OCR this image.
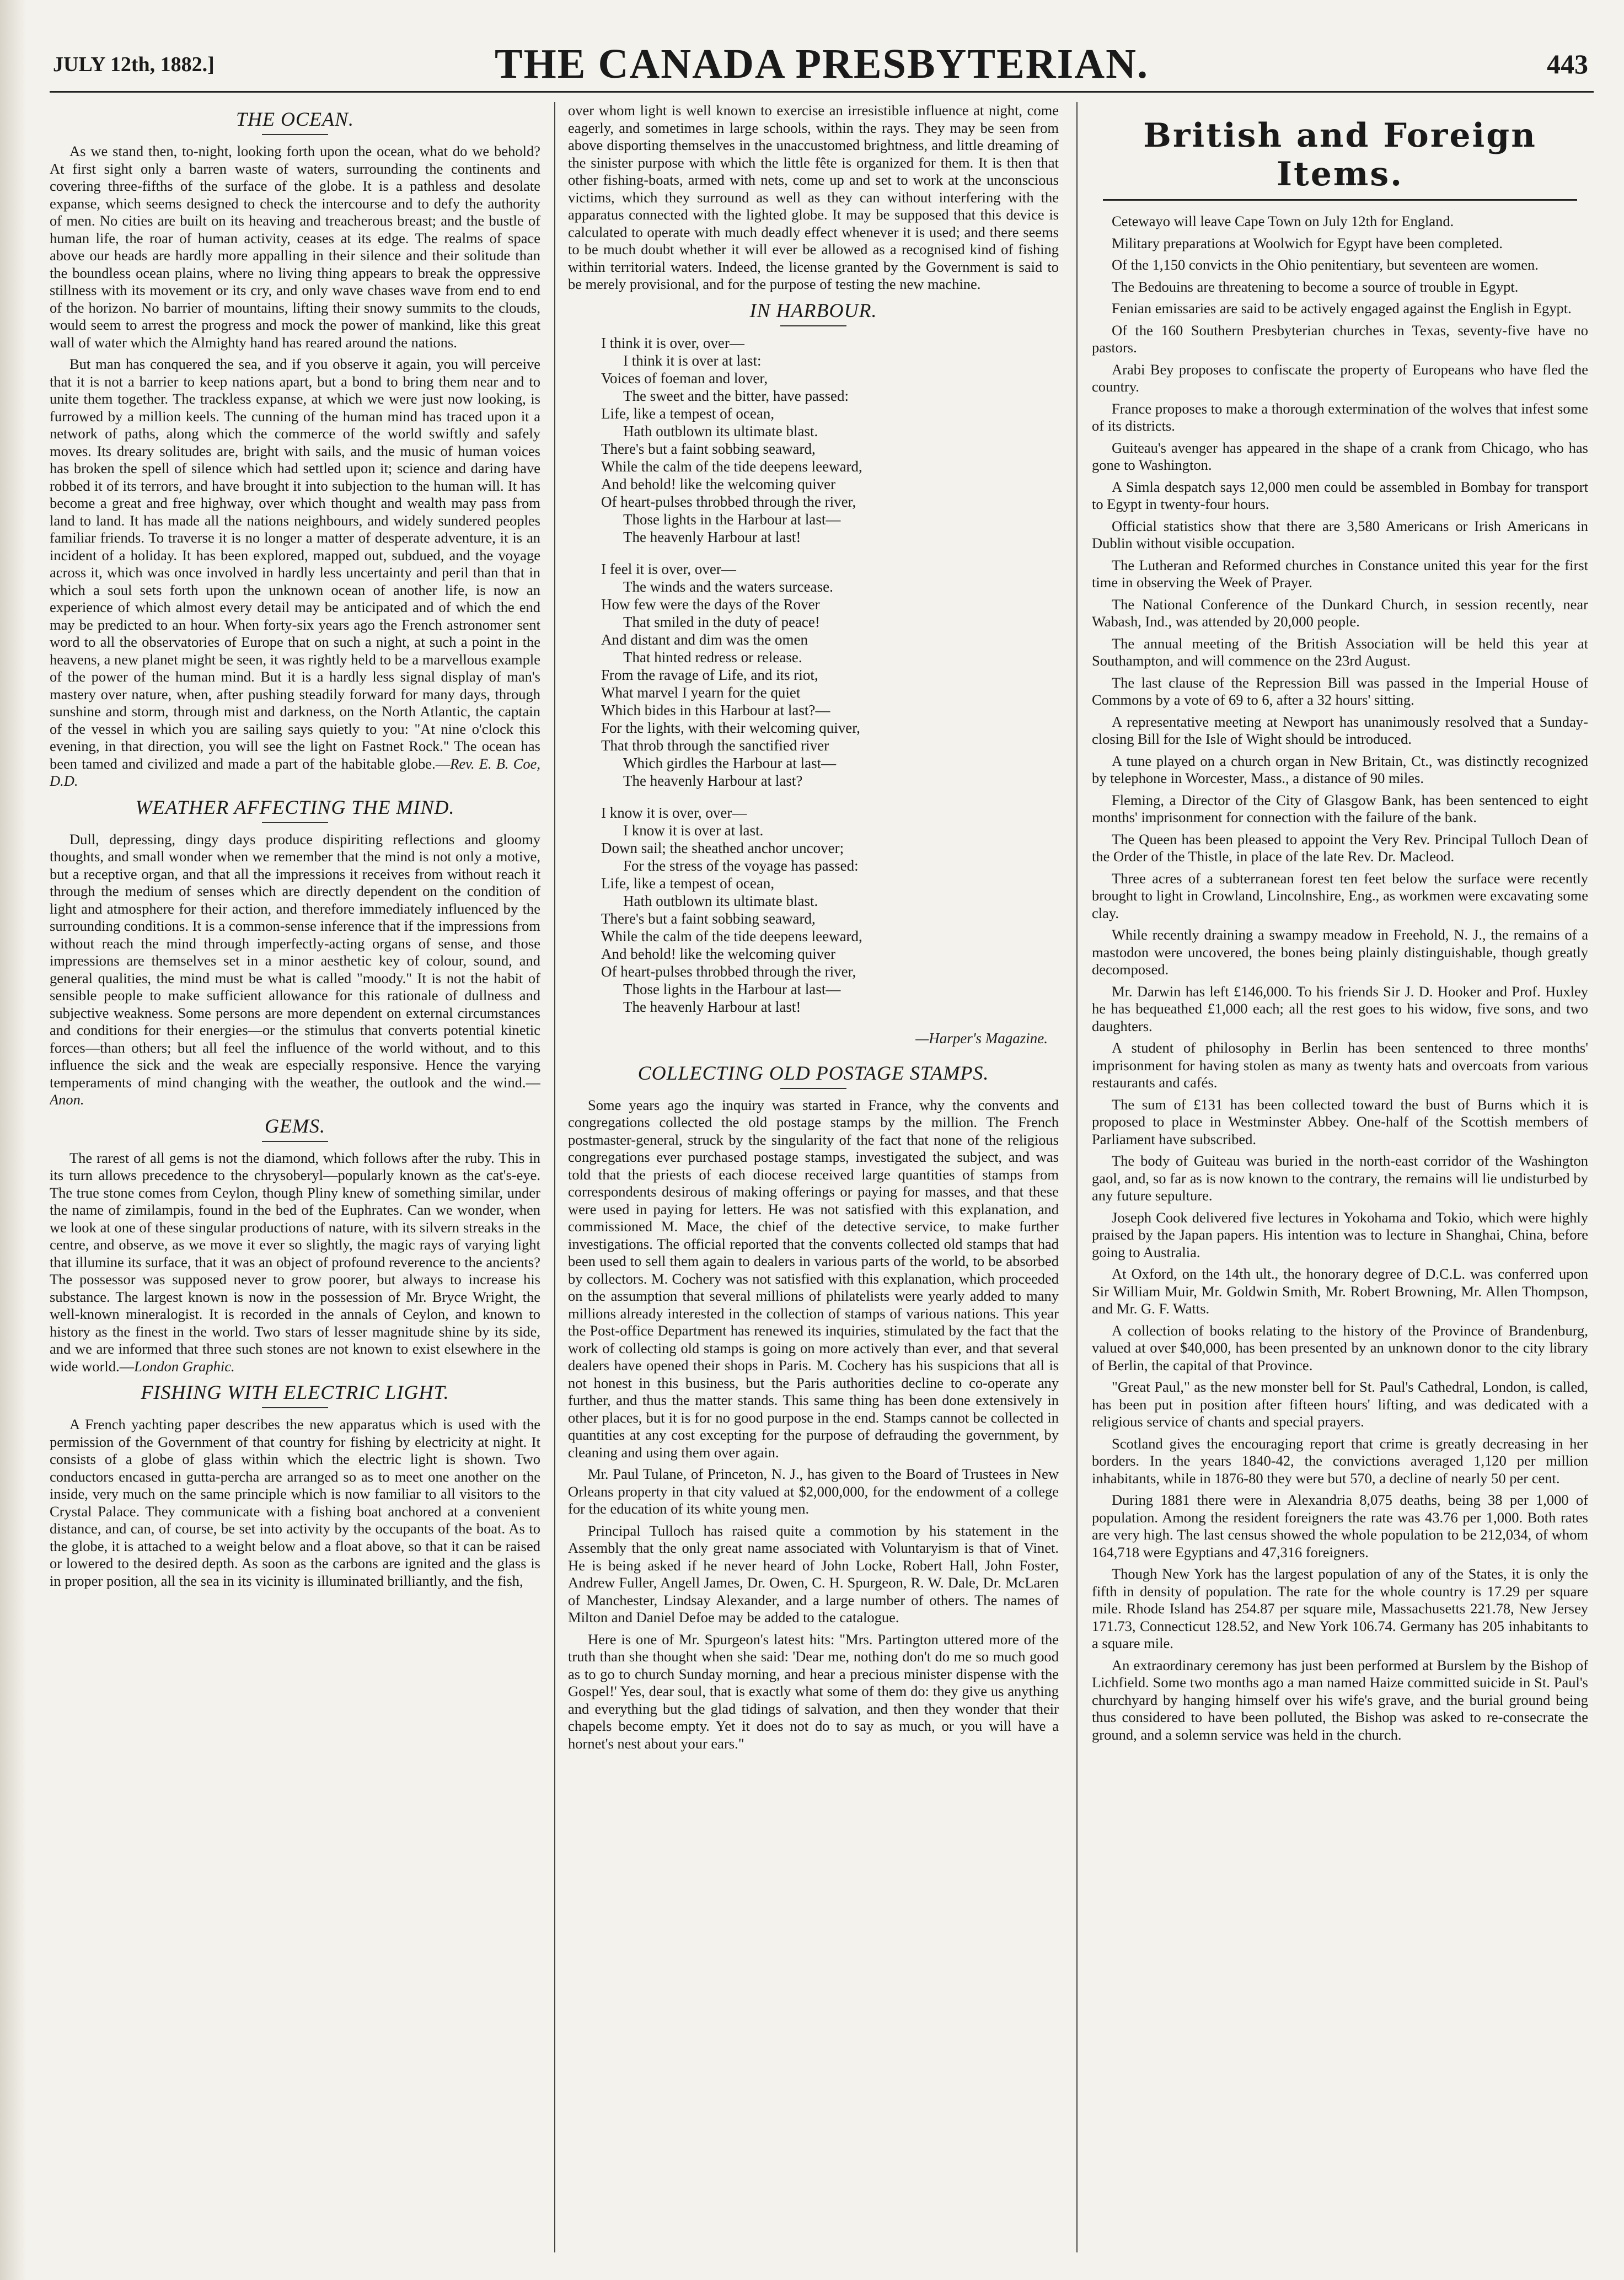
JULY 12th, 1882.]	THE CANADA PRESBYTERIAN.	443
THE OCEAN.

As we stand then, to-night, looking forth upon the ocean, what do we behold? At first sight only a barren waste of waters, surrounding the continents and covering three-fifths of the surface of the globe. It is a pathless and desolate expanse, which seems designed to check the intercourse and to defy the authority of men. No cities are built on its heaving and treacherous breast; and the bustle of human life, the roar of human activity, ceases at its edge. The realms of space above our heads are hardly more appalling in their silence and their solitude than the boundless ocean plains, where no living thing appears to break the oppressive stillness with its movement or its cry, and only wave chases wave from end to end of the horizon. No barrier of mountains, lifting their snowy summits to the clouds, would seem to arrest the progress and mock the power of mankind, like this great wall of water which the Almighty hand has reared around the nations.

But man has conquered the sea, and if you observe it again, you will perceive that it is not a barrier to keep nations apart, but a bond to bring them near and to unite them together. The trackless expanse, at which we were just now looking, is furrowed by a million keels. The cunning of the human mind has traced upon it a network of paths, along which the commerce of the world swiftly and safely moves. Its dreary solitudes are, bright with sails, and the music of human voices has broken the spell of silence which had settled upon it; science and daring have robbed it of its terrors, and have brought it into subjection to the human will. It has become a great and free highway, over which thought and wealth may pass from land to land. It has made all the nations neighbours, and widely sundered peoples familiar friends. To traverse it is no longer a matter of desperate adventure, it is an incident of a holiday. It has been explored, mapped out, subdued, and the voyage across it, which was once involved in hardly less uncertainty and peril than that in which a soul sets forth upon the unknown ocean of another life, is now an experience of which almost every detail may be anticipated and of which the end may be predicted to an hour. When forty-six years ago the French astronomer sent word to all the observatories of Europe that on such a night, at such a point in the heavens, a new planet might be seen, it was rightly held to be a marvellous example of the power of the human mind. But it is a hardly less signal display of man's mastery over nature, when, after pushing steadily forward for many days, through sunshine and storm, through mist and darkness, on the North Atlantic, the captain of the vessel in which you are sailing says quietly to you: "At nine o'clock this evening, in that direction, you will see the light on Fastnet Rock." The ocean has been tamed and civilized and made a part of the habitable globe.—Rev. E. B. Coe, D.D.

WEATHER AFFECTING THE MIND.

Dull, depressing, dingy days produce dispiriting reflections and gloomy thoughts, and small wonder when we remember that the mind is not only a motive, but a receptive organ, and that all the impressions it receives from without reach it through the medium of senses which are directly dependent on the condition of light and atmosphere for their action, and therefore immediately influenced by the surrounding conditions. It is a common-sense inference that if the impressions from without reach the mind through imperfectly-acting organs of sense, and those impressions are themselves set in a minor aesthetic key of colour, sound, and general qualities, the mind must be what is called "moody." It is not the habit of sensible people to make sufficient allowance for this rationale of dullness and subjective weakness. Some persons are more dependent on external circumstances and conditions for their energies—or the stimulus that converts potential kinetic forces—than others; but all feel the influence of the world without, and to this influence the sick and the weak are especially responsive. Hence the varying temperaments of mind changing with the weather, the outlook and the wind.—Anon.

GEMS.

The rarest of all gems is not the diamond, which follows after the ruby. This in its turn allows precedence to the chrysoberyl—popularly known as the cat's-eye. The true stone comes from Ceylon, though Pliny knew of something similar, under the name of zimilampis, found in the bed of the Euphrates. Can we wonder, when we look at one of these singular productions of nature, with its silvern streaks in the centre, and observe, as we move it ever so slightly, the magic rays of varying light that illumine its surface, that it was an object of profound reverence to the ancients? The possessor was supposed never to grow poorer, but always to increase his substance. The largest known is now in the possession of Mr. Bryce Wright, the well-known mineralogist. It is recorded in the annals of Ceylon, and known to history as the finest in the world. Two stars of lesser magnitude shine by its side, and we are informed that three such stones are not known to exist elsewhere in the wide world.—London Graphic.

FISHING WITH ELECTRIC LIGHT.

A French yachting paper describes the new apparatus which is used with the permission of the Government of that country for fishing by electricity at night. It consists of a globe of glass within which the electric light is shown. Two conductors encased in gutta-percha are arranged so as to meet one another on the inside, very much on the same principle which is now familiar to all visitors to the Crystal Palace. They communicate with a fishing boat anchored at a convenient distance, and can, of course, be set into activity by the occupants of the boat. As to the globe, it is attached to a weight below and a float above, so that it can be raised or lowered to the desired depth. As soon as the carbons are ignited and the glass is in proper position, all the sea in its vicinity is illuminated brilliantly, and the fish,

over whom light is well known to exercise an irresistible influence at night, come eagerly, and sometimes in large schools, within the rays. They may be seen from above disporting themselves in the unaccustomed brightness, and little dreaming of the sinister purpose with which the little fête is organized for them. It is then that other fishing-boats, armed with nets, come up and set to work at the unconscious victims, which they surround as well as they can without interfering with the apparatus connected with the lighted globe. It may be supposed that this device is calculated to operate with much deadly effect whenever it is used; and there seems to be much doubt whether it will ever be allowed as a recognised kind of fishing within territorial waters. Indeed, the license granted by the Government is said to be merely provisional, and for the purpose of testing the new machine.

IN HARBOUR.
I think it is over, over—
I think it is over at last:
Voices of foeman and lover,
The sweet and the bitter, have passed:
Life, like a tempest of ocean,
Hath outblown its ultimate blast.
There's but a faint sobbing seaward,
While the calm of the tide deepens leeward,
And behold! like the welcoming quiver
Of heart-pulses throbbed through the river,
Those lights in the Harbour at last—
The heavenly Harbour at last!
I feel it is over, over—
The winds and the waters surcease.
How few were the days of the Rover
That smiled in the duty of peace!
And distant and dim was the omen
That hinted redress or release.
From the ravage of Life, and its riot,
What marvel I yearn for the quiet
Which bides in this Harbour at last?—
For the lights, with their welcoming quiver,
That throb through the sanctified river
Which girdles the Harbour at last—
The heavenly Harbour at last?
I know it is over, over—
I know it is over at last.
Down sail; the sheathed anchor uncover;
For the stress of the voyage has passed:
Life, like a tempest of ocean,
Hath outblown its ultimate blast.
There's but a faint sobbing seaward,
While the calm of the tide deepens leeward,
And behold! like the welcoming quiver
Of heart-pulses throbbed through the river,
Those lights in the Harbour at last—
The heavenly Harbour at last!
—Harper's Magazine.
COLLECTING OLD POSTAGE STAMPS.

Some years ago the inquiry was started in France, why the convents and congregations collected the old postage stamps by the million. The French postmaster-general, struck by the singularity of the fact that none of the religious congregations ever purchased postage stamps, investigated the subject, and was told that the priests of each diocese received large quantities of stamps from correspondents desirous of making offerings or paying for masses, and that these were used in paying for letters. He was not satisfied with this explanation, and commissioned M. Mace, the chief of the detective service, to make further investigations. The official reported that the convents collected old stamps that had been used to sell them again to dealers in various parts of the world, to be absorbed by collectors. M. Cochery was not satisfied with this explanation, which proceeded on the assumption that several millions of philatelists were yearly added to many millions already interested in the collection of stamps of various nations. This year the Post-office Department has renewed its inquiries, stimulated by the fact that the work of collecting old stamps is going on more actively than ever, and that several dealers have opened their shops in Paris. M. Cochery has his suspicions that all is not honest in this business, but the Paris authorities decline to co-operate any further, and thus the matter stands. This same thing has been done extensively in other places, but it is for no good purpose in the end. Stamps cannot be collected in quantities at any cost excepting for the purpose of defrauding the government, by cleaning and using them over again.

Mr. Paul Tulane, of Princeton, N. J., has given to the Board of Trustees in New Orleans property in that city valued at $2,000,000, for the endowment of a college for the education of its white young men.

Principal Tulloch has raised quite a commotion by his statement in the Assembly that the only great name associated with Voluntaryism is that of Vinet. He is being asked if he never heard of John Locke, Robert Hall, John Foster, Andrew Fuller, Angell James, Dr. Owen, C. H. Spurgeon, R. W. Dale, Dr. McLaren of Manchester, Lindsay Alexander, and a large number of others. The names of Milton and Daniel Defoe may be added to the catalogue.

Here is one of Mr. Spurgeon's latest hits: "Mrs. Partington uttered more of the truth than she thought when she said: 'Dear me, nothing don't do me so much good as to go to church Sunday morning, and hear a precious minister dispense with the Gospel!' Yes, dear soul, that is exactly what some of them do: they give us anything and everything but the glad tidings of salvation, and then they wonder that their chapels become empty. Yet it does not do to say as much, or you will have a hornet's nest about your ears."

British and Foreign Items.

Cetewayo will leave Cape Town on July 12th for England.

Military preparations at Woolwich for Egypt have been completed.

Of the 1,150 convicts in the Ohio penitentiary, but seventeen are women.

The Bedouins are threatening to become a source of trouble in Egypt.

Fenian emissaries are said to be actively engaged against the English in Egypt.

Of the 160 Southern Presbyterian churches in Texas, seventy-five have no pastors.

Arabi Bey proposes to confiscate the property of Europeans who have fled the country.

France proposes to make a thorough extermination of the wolves that infest some of its districts.

Guiteau's avenger has appeared in the shape of a crank from Chicago, who has gone to Washington.

A Simla despatch says 12,000 men could be assembled in Bombay for transport to Egypt in twenty-four hours.

Official statistics show that there are 3,580 Americans or Irish Americans in Dublin without visible occupation.

The Lutheran and Reformed churches in Constance united this year for the first time in observing the Week of Prayer.

The National Conference of the Dunkard Church, in session recently, near Wabash, Ind., was attended by 20,000 people.

The annual meeting of the British Association will be held this year at Southampton, and will commence on the 23rd August.

The last clause of the Repression Bill was passed in the Imperial House of Commons by a vote of 69 to 6, after a 32 hours' sitting.

A representative meeting at Newport has unanimously resolved that a Sunday-closing Bill for the Isle of Wight should be introduced.

A tune played on a church organ in New Britain, Ct., was distinctly recognized by telephone in Worcester, Mass., a distance of 90 miles.

Fleming, a Director of the City of Glasgow Bank, has been sentenced to eight months' imprisonment for connection with the failure of the bank.

The Queen has been pleased to appoint the Very Rev. Principal Tulloch Dean of the Order of the Thistle, in place of the late Rev. Dr. Macleod.

Three acres of a subterranean forest ten feet below the surface were recently brought to light in Crowland, Lincolnshire, Eng., as workmen were excavating some clay.

While recently draining a swampy meadow in Freehold, N. J., the remains of a mastodon were uncovered, the bones being plainly distinguishable, though greatly decomposed.

Mr. Darwin has left £146,000. To his friends Sir J. D. Hooker and Prof. Huxley he has bequeathed £1,000 each; all the rest goes to his widow, five sons, and two daughters.

A student of philosophy in Berlin has been sentenced to three months' imprisonment for having stolen as many as twenty hats and overcoats from various restaurants and cafés.

The sum of £131 has been collected toward the bust of Burns which it is proposed to place in Westminster Abbey. One-half of the Scottish members of Parliament have subscribed.

The body of Guiteau was buried in the north-east corridor of the Washington gaol, and, so far as is now known to the contrary, the remains will lie undisturbed by any future sepulture.

Joseph Cook delivered five lectures in Yokohama and Tokio, which were highly praised by the Japan papers. His intention was to lecture in Shanghai, China, before going to Australia.

At Oxford, on the 14th ult., the honorary degree of D.C.L. was conferred upon Sir William Muir, Mr. Goldwin Smith, Mr. Robert Browning, Mr. Allen Thompson, and Mr. G. F. Watts.

A collection of books relating to the history of the Province of Brandenburg, valued at over $40,000, has been presented by an unknown donor to the city library of Berlin, the capital of that Province.

"Great Paul," as the new monster bell for St. Paul's Cathedral, London, is called, has been put in position after fifteen hours' lifting, and was dedicated with a religious service of chants and special prayers.

Scotland gives the encouraging report that crime is greatly decreasing in her borders. In the years 1840-42, the convictions averaged 1,120 per million inhabitants, while in 1876-80 they were but 570, a decline of nearly 50 per cent.

During 1881 there were in Alexandria 8,075 deaths, being 38 per 1,000 of population. Among the resident foreigners the rate was 43.76 per 1,000. Both rates are very high. The last census showed the whole population to be 212,034, of whom 164,718 were Egyptians and 47,316 foreigners.

Though New York has the largest population of any of the States, it is only the fifth in density of population. The rate for the whole country is 17.29 per square mile. Rhode Island has 254.87 per square mile, Massachusetts 221.78, New Jersey 171.73, Connecticut 128.52, and New York 106.74. Germany has 205 inhabitants to a square mile.

An extraordinary ceremony has just been performed at Burslem by the Bishop of Lichfield. Some two months ago a man named Haize committed suicide in St. Paul's churchyard by hanging himself over his wife's grave, and the burial ground being thus considered to have been polluted, the Bishop was asked to re-consecrate the ground, and a solemn service was held in the church.
